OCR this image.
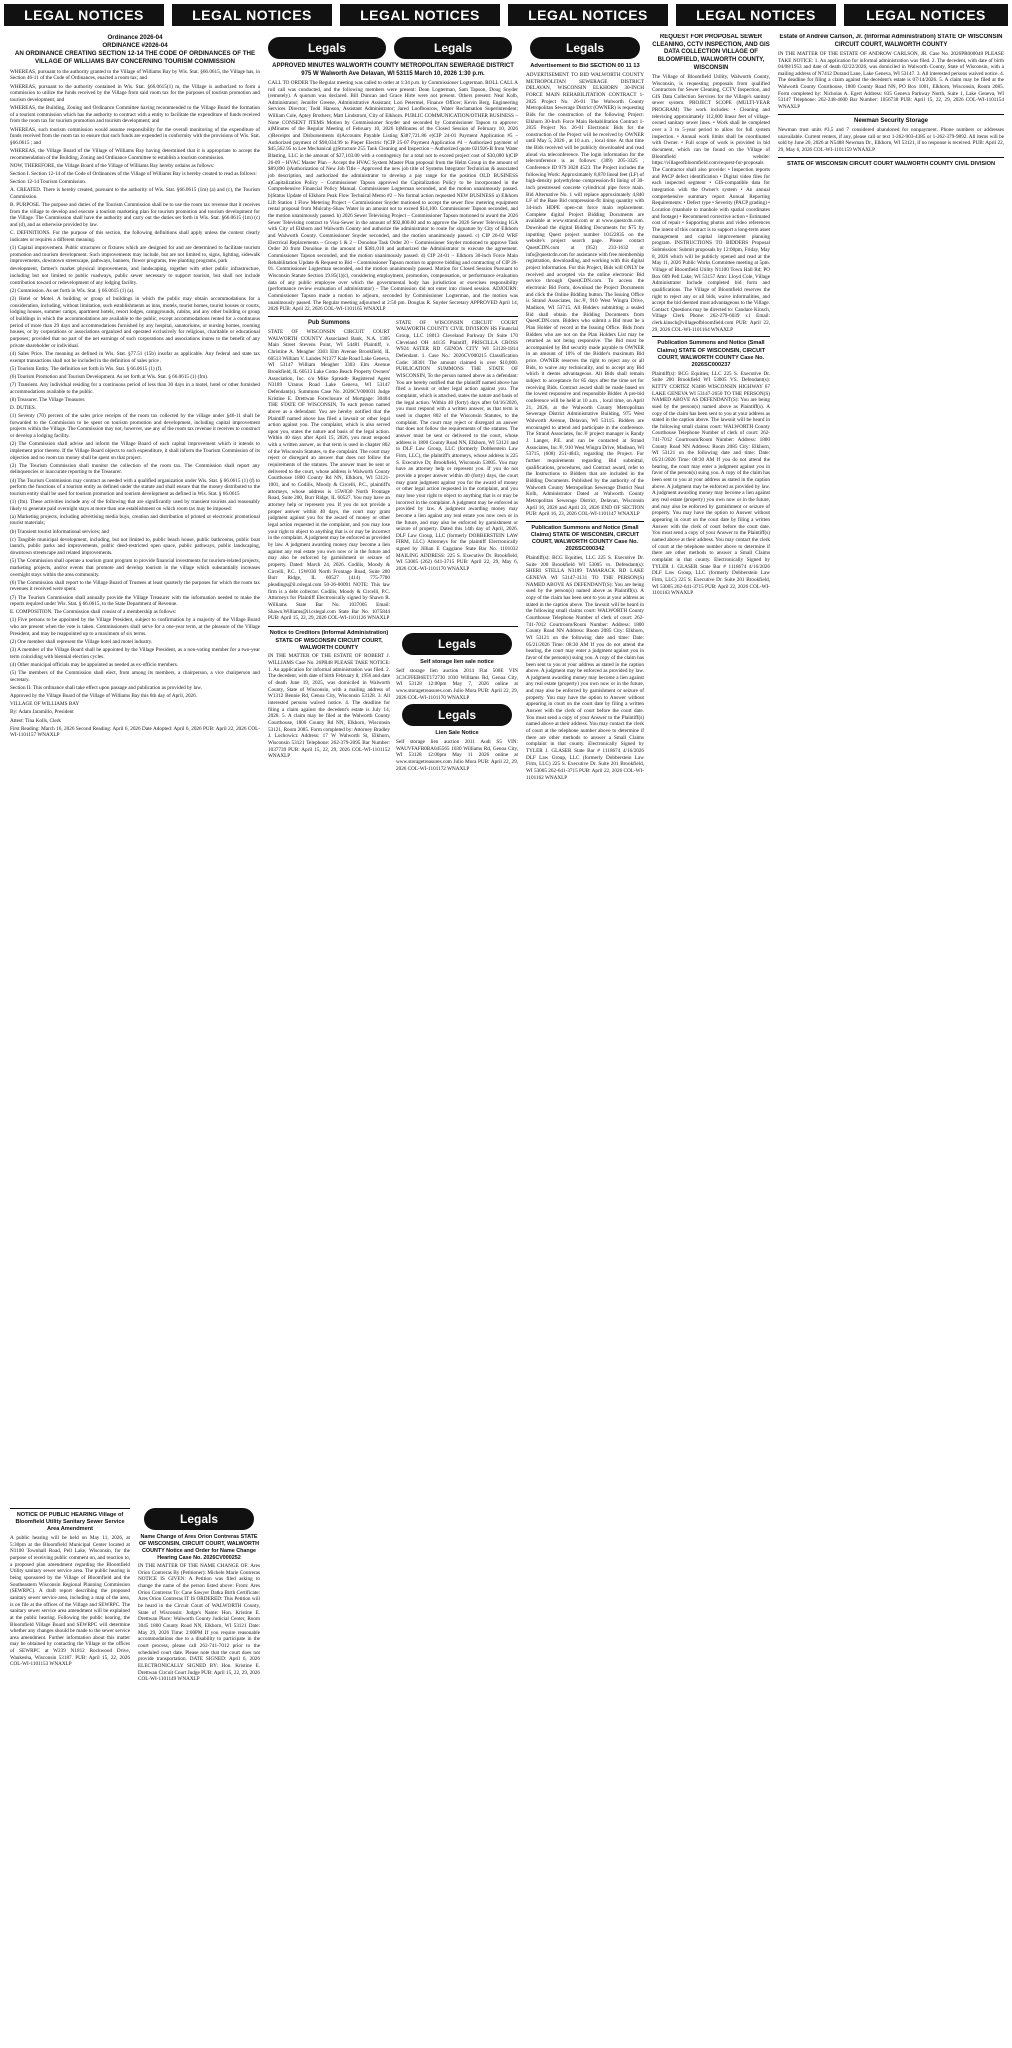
LEGAL NOTICES	LEGAL NOTICES	LEGAL NOTICES	LEGAL NOTICES	LEGAL NOTICES	LEGAL NOTICES
Ordinance 2026-04
ORDINANCE #2026-04
AN ORDINANCE CREATING SECTION 12-14 THE CODE OF ORDINANCES OF THE VILLAGE OF WILLIAMS BAY CONCERNING TOURISM COMMISSION

WHEREAS, pursuant to the authority granted to the Village of Williams Bay by Wis. Stat. §66.0615, the Village has, in Section 46-11 of the Code of Ordinances, enacted a room tax; and

WHEREAS, pursuant to the authority contained in Wis. Stat. §66.0615(1) m, the Village is authorized to form a commission to utilize the funds received by the Village from said room tax for the purposes of tourism promotion and tourism development; and

WHEREAS, the Building, Zoning and Ordinance Committee having recommended to the Village Board the formation of a tourism commission which has the authority to contract with a entity to facilitate the expenditure of funds received from the room tax for tourism promotion and tourism development; and

WHEREAS, such tourism commission would assume responsibility for the overall monitoring of the expenditure of funds received from the room tax to ensure that such funds are expended in conformity with the provisions of Wis. Stat. §66.0615 ; and

WHEREAS, the Village Board of the Village of Williams Bay having determined that it is appropriate to accept the recommendation of the Building, Zoning and Ordinance Committee to establish a tourism commission.

NOW, THEREFORE, the Village Board of the Village of Williams Bay hereby ordains as follows:

Section I. Section 12-14 of the Code of Ordinances of the Village of Williams Bay is hereby created to read as follows:

Section 12-14 Tourism Commission.

A. CREATED. There is hereby created, pursuant to the authority of Wis. Stat. §66.0615 (1m) (a) and (c), the Tourism Commission.

B. PURPOSE. The purpose and duties of the Tourism Commission shall be to use the room tax revenue that it receives from the village to develop and execute a tourism marketing plan for tourism promotion and tourism development for the Village. The Commission shall have the authority and carry out the duties set forth in Wis. Stat. §66.0615 (1m) (c) and (d), and as otherwise provided by law.

C. DEFINITIONS. For the purpose of this section, the following definitions shall apply unless the context clearly indicates or requires a different meaning.

(1) Capital improvement. Public structures or fixtures which are designed for and are determined to facilitate tourism promotion and tourism development. Such improvements may include, but are not limited to, signs, lighting, sidewalk improvements, downtown streetscape, pathways, banners, flower programs, tree planting programs, park

development, farmer's market physical improvements, and landscaping, together with other public infrastructure, including but not limited to public roadways, public sewer necessary to support tourism, but shall not include contribution toward or redevelopment of any lodging facility.

(2) Commission. As set forth in Wis. Stat. § 66.0615 (1) (a).

(3) Hotel or Motel. A building or group of buildings in which the public may obtain accommodations for a consideration, including, without limitation, such establishments as inns, motels, tourist homes, tourist houses or courts, lodging houses, summer camps, apartment hotels, resort lodges, campgrounds, cabins, and any other building or group of buildings in which the accommodations are available to the public, except accommodations rented for a continuous period of more than 29 days and accommodations furnished by any hospital, sanatoriums, or nursing homes, rooming houses, or by corporations or associations organized and operated exclusively for religious, charitable or educational purposes; provided that no part of the net earnings of such corporations and associations inures to the benefit of any private shareholder or individual.

(4) Sales Price. The meaning as defined in Wis. Stat. §77.51 (15b) insofar as applicable. Any federal and state tax exempt transactions shall not be included in the definition of sales price .

(5) Tourism Entity. The definition set forth in Wis. Stat. § 66.0615 (1) (f).

(6) Tourism Promotion and Tourism Development. As set forth at Wis. Stat. § 66.0615 (1) (fm).

(7) Transient. Any individual residing for a continuous period of less than 30 days in a motel, hotel or other furnished accommodations available to the public.

(8) Treasurer. The Village Treasurer.

D. DUTIES.

(1) Seventy (70) percent of the sales price receipts of the room tax collected by the village under §46-11 shall be forwarded to the Commission to be spent on tourism promotion and development, including capital improvement projects within the Village. The Commission may not, however, use any of the room tax revenue it receives to construct or develop a lodging facility.

(2) The Commission shall advise and inform the Village Board of each capital improvement which it intends to implement prior thereto. If the Village Board objects to such expenditure, it shall inform the Tourism Commission of its objection and no room tax money shall be spent on that project.

(3) The Tourism Commission shall monitor the collection of the room tax. The Commission shall report any delinquencies or inaccurate reporting to the Treasurer.

(4) The Tourism Commission may contract as needed with a qualified organization under Wis. Stat. § 66.0615 (1) (f) to perform the functions of a tourism entity as defined under the statute and shall ensure that the money distributed to the tourism entity shall be used for tourism promotion and tourism development as defined in Wis. Stat. § 66.0615

(1) (fm). These activities include any of the following that are significantly used by transient tourists and reasonably likely to generate paid overnight stays at more than one establishment on which room tax may be imposed:

(a) Marketing projects, including advertising media buys, creation and distribution of printed or electronic promotional tourist materials;

(b) Transient tourist informational services; and

(c) Tangible municipal development, including, but not limited to, public beach house, public bathrooms, public boat launch, public parks and improvements, public deed-restricted open space, public pathways, public landscaping, downtown streetscape and related improvements.

(5) The Commission shall operate a tourism grant program to provide financial investments for tourism-related projects, marketing projects, and/or events that promote and develop tourism in the village which substantially increases overnight stays within the area community.

(6) The Commission shall report to the Village Board of Trustees at least quarterly the purposes for which the room tax revenues it received were spent.

(7) The Tourism Commission shall annually provide the Village Treasurer with the information needed to make the reports required under Wis. Stat. § 66.0615, to the State Department of Revenue.

E. COMPOSITION. The Commission shall consist of a membership as follows:

(1) Five persons to be appointed by the Village President, subject to confirmation by a majority of the Village Board who are present when the vote is taken. Commissioners shall serve for a one-year term, at the pleasure of the Village President, and may be reappointed up to a maximum of six terms.

(2) One member shall represent the Village hotel and motel industry.

(3) A member of the Village Board shall be appointed by the Village President, as a non-voting member for a two-year term coinciding with biennial election cycles.

(4) Other municipal officials may be appointed as needed as ex-officio members.

(5) The members of the Commission shall elect, from among its members, a chairperson, a vice chairperson and secretary.

Section II. This ordinance shall take effect upon passage and publication as provided by law.

Approved by the Village Board of the Village of Williams Bay this 6th day of April, 2026.

VILLAGE OF WILLIAMS BAY

By: Adam Jaramillo, President

Attest: Tina Kolls, Clerk

First Reading: March 16, 2026 Second Reading: April 6, 2026 Date Adopted: April 6, 2026 PUB: April 22, 2026 COL-WI-1101157 WNAXLP

NOTICE OF PUBLIC HEARING Village of Bloomfield Utility Sanitary Sewer Service Area Amendment

A public hearing will be held on May 11, 2026, at 5:30pm at the Bloomfield Municipal Center located at N1100 Townhall Road, Pell Lake, Wisconsin, for the purpose of receiving public comment on, and reaction to, a proposed plan amendment regarding the Bloomfield Utility sanitary sewer service area. The public hearing is being sponsored by the Village of Bloomfield and the Southeastern Wisconsin Regional Planning Commission (SEWRPC). A draft report describing the proposed sanitary sewer service area, including a map of the area, is on file at the offices of the Village and SEWRPC. The sanitary sewer service area amendment will be explained at the public hearing. Following the public hearing, the Bloomfield Village Board and SEWRPC will determine whether any changes should be made to the sewer service area amendment. Further information about this matter may be obtained by contacting the Village or the offices of SEWRPC at W239 N1812 Rockwood Drive, Waukesha, Wisconsin 53187. PUB: April 15, 22, 2026 COL-WI-1101153 WNAXLP

Legals

Name Change of Ares Orion Contreras STATE OF WISCONSIN, CIRCUIT COURT, WALWORTH COUNTY Notice and Order for Name Change Hearing Case No. 2026CV000252

IN THE MATTER OF THE NAME CHANGE OF: Ares Orion Contreras By (Petitioner): Michele Marie Contreras NOTICE IS GIVEN: A Petition was filed asking to change the name of the person listed above: From: Ares Orion Contreras To: Cane Sawyer Datka Birth Certificate: Ares Orion Contreras IT IS ORDERED: This Petition will be heard in the Circuit Court of WALWORTH County, State of Wisconsin: Judge's Name: Hon. Kristine E. Drettwan Place: Walworth County Judicial Center, Room 3045 1800 County Road NN, Elkhorn, WI 53121 Date: May 29, 2026 Time: 2:00PM If you require reasonable accommodations due to a disability to participate in the court process, please call 262-741-7012 prior to the scheduled court date. Please note that the court does not provide transportation. DATE SIGNED: April 6, 2026 ELECTRONICALLY SIGNED BY: Hon. Kristine E. Drettwan Circuit Court Judge PUB: April 15, 22, 29, 2026 COL-WI-1101149 WNAXLP

Legals	Legals

APPROVED MINUTES WALWORTH COUNTY METROPOLITAN SEWERAGE DISTRICT 975 W Walworth Ave Delavan, WI 53115 March 10, 2026 1:30 p.m.

CALL TO ORDER The Regular meeting was called to order at 1:34 p.m. by Commissioner Logterman. ROLL CALL A roll call was conducted, and the following members were present: Dean Logterman, Sam Tapson, Doug Snyder (remotely). A quorum was declared. Bill Duncan and Grace Hirte were not present. Others present: Neal Kolb, Administrator; Jennifer Greene, Administrative Assistant; Lori Petermel, Finance Officer; Kevin Berg, Engineering Services Director; Todd Hanson, Assistant Administrator; Jared Loofbourow, Water Reclamation Superintendent; William Cole, Aptey Brothers; Matt Lindstrom, City of Elkhorn. PUBLIC COMMUNICATION/OTHER BUSINESS – None CONSENT ITEMS Motion by Commissioner Snyder and seconded by Commissioner Tapson to approve: a)Minutes of the Regular Meeting of February 10, 2026 b)Minutes of the Closed Session of February 10, 2026 c)Receipts and Disbursements d)Accounts Payable Listing $387,721.86 e)CIP 24-01 Payment Application #5 – Authorized payment of $98,034.99 to Pieper Electric f)CIP 25-07 Payment Application #4 – Authorized payment of $45,562.95 to Lee Mechanical g)Structure 255 Tank Cleaning and Inspection – Authorized quote 021926-B from Water Blasting, LLC in the amount of $27,103.00 with a contingency for a total not to exceed project cost of $30,000 h)CIP 26-09 – HVAC Master Plan – Accept the HVAC System Master Plan proposal from the Helm Group in the amount of $89,890 i)Authorization of New Job Title – Approved the new job title of Systems Integrator Technician & associated job description, and authorized the administrator to develop a pay range for the position OLD BUSINESS a)Capitalization Policy – Commissioner Tapson approved the Capitalization Policy to be incorporated in the Comprehensive Financial Policy Manual. Commissioner Logterman seconded, and the motion unanimously passed. b)Status Update of Elkhorn Peak Flow Technical Memo #2 – No formal action requested NEW BUSINESS a) Elkhorn Lift Station 1 Flow Metering Project – Commissioner Snyder motioned to accept the sewer flow metering equipment rental proposal from Mulcahy-Shaw Water in an amount not to exceed $14,100. Commissioner Tapson seconded, and the motion unanimously passed. b) 2026 Sewer Televising Project – Commissioner Tapson motioned to award the 2026 Sewer Televising contract to Visu-Sewer in the amount of $92,800.00 and to approve the 2026 Sewer Televising IGA with City of Elkhorn and Walworth County and authorize the administrator to route for signature by City of Elkhorn and Walworth County. Commissioner Snyder seconded, and the motion unanimously passed. c) CIP 26-02 WRF Electrical Replacements – Group 1 & 2 – Donohue Task Order 20 – Commissioner Snyder motioned to approve Task Order 20 from Donohue in the amount of $381,010 and authorized the Administrator to execute the agreement. Commissioner Tapson seconded, and the motion unanimously passed. d) CIP 24-01 – Elkhorn 30-inch Force Main Rehabilitation Update & Request to Bid – Commissioner Tapson motion to approve bidding and contracting of CIP 26-01. Commissioner Logterman seconded, and the motion unanimously passed. Motion for Closed Session Pursuant to Wisconsin Statute Section 19.85(1)(c), considering employment, promotion, compensation, or performance evaluation data of any public employee over which the governmental body has jurisdiction or exercises responsibility (performance review evaluation of administrator) – The Commission did not enter into closed session. ADJOURN: Commissioner Tapson made a motion to adjourn, seconded by Commissioner Logterman, and the motion was unanimously passed. The Regular meeting adjourned at 2:50 pm. Douglas R. Snyder Secretary APPROVED April 14, 2026 PUB: April 22, 2026 COL-WI-1101165 WNAXLP

Pub Summons

STATE OF WISCONSIN CIRCUIT COURT WALWORTH COUNTY Associated Bank, N.A. 1305 Main Street Stevens Point, WI 54481 Plaintiff, v. Christine A. Meagher 3303 Elm Avenue Brookfield, IL 60513 William V. Landes N1377 Kale Road Lake Geneva, WI 53147 William Meagher 3303 Elm Avenue Brookfield, IL 60513 Lake Como Beach Property Owners' Association, Inc. c/o Mike Spreadt- Registered Agent N3189 Uranus Road Lake Geneva, WI 53147 Defendant(s). Summons Case No. 2026CV000031 Judge Kristine E. Drettwan Foreclosure of Mortgage: 30404 THE STATE OF WISCONSIN, To each person named above as a defendant: You are hereby notified that the Plaintiff named above has filed a lawsuit or other legal action against you. The complaint, which is also served upon you, states the nature and basis of the legal action. Within 40 days after April 15, 2026, you must respond with a written answer, as that term is used in chapter 802 of the Wisconsin Statutes, to the complaint. The court may reject or disregard an answer that does not follow the requirements of the statutes. The answer must be sent or delivered to the court, whose address is Walworth County Courthouse 1800 County Rd NN, Elkhorn, WI 53121-1001, and to Codilis, Moody & Circelli, P.C., plaintiff's attorneys, whose address is 15W030 North Frontage Road, Suite 200, Burr Ridge, IL 60527. You may have an attorney help or represent you. If you do not provide a proper answer within 40 days, the court may grant judgment against you for the award of money or other legal action requested in the complaint, and you may lose your right to object to anything that is or may be incorrect in the complaint. A judgment may be enforced as provided by law. A judgment awarding money may become a lien against any real estate you own now or in the future and may also be enforced by garnishment or seizure of property. Dated: March 24, 2026. Codilis, Moody & Circelli, P.C. 15W030 North Frontage Road, Suite 200 Burr Ridge, IL 60527 (414) 775-7700 pleadings@il.cslegal.com 50-26-00091 NOTE: This law firm is a debt collector. Codilis, Moody & Circelli, P.C. Attorneys for Plaintiff Electronically signed by Shawn R. Williams State Bar No. 1037005 Email: Shawn.Williams@il.cslegal.com State Bar No. 1075844 PUB: April 15, 22, 29, 2026 COL-WI-1101126 WNAXLP

STATE OF WISCONSIN CIRCUIT COURT WALWORTH COUNTY CIVIL DIVISION HS Financial Group, LLC 18013 Cleveland Parkway Dr Suite 170 Cleveland OH 44135 Plaintiff, PRISCILLA CROSS W924 ASTER RD GENOA CITY WI 53128-1814 Defendant. 1. Case No.: 2026CV000215 Classification Code: 30301 The amount claimed is over $10,000. PUBLICATION SUMMONS THE STATE OF WISCONSIN, To the person named above as a defendant: You are hereby notified that the plaintiff named above has filed a lawsuit or other legal action against you. The complaint, which is attached, states the nature and basis of the legal action. Within 40 (forty) days after 04/16/2026, you must respond with a written answer, as that term is used in chapter 802 of the Wisconsin Statutes, to the complaint. The court may reject or disregard an answer that does not follow the requirements of the statutes. The answer must be sent or delivered to the court, whose address is 1800 County Road NN, Elkhorn, WI 53121 and to DLF Law Group, LLC (formerly Dobberstein Law Firm, LLC), the plaintiff's attorneys, whose address is 225 S. Executive Dr, Brookfield, Wisconsin 53005. You may have an attorney help or represent you. If you do not provide a proper answer within 40 (forty) days, the court may grant judgment against you for the award of money or other legal action requested in the complaint, and you may lose your right to object to anything that is or may be incorrect in the complaint. A judgment may be enforced as provided by law. A judgment awarding money may become a lien against any real estate you now own or in the future, and may also be enforced by garnishment or seizure of property. Dated this 14th day of April, 2026. DLF Law Group, LLC (formerly DOBBERSTEIN LAW FIRM, LLC) Attorneys for the plaintiff Electronically signed by Jillian E Caggiano State Bar No. 1101032 MAILING ADDRESS: 225 S. Executive Dr. Brookfield, WI 53005 (262) 641-3715 PUB: April 22, 29, May 6, 2026 COL-WI-1101170 WNAXLP

Notice to Creditors (Informal Administration) STATE OF WISCONSIN CIRCUIT COURT, WALWORTH COUNTY

IN THE MATTER OF THE ESTATE OF ROBERT J. WILLIAMS Case No. 26PR48 PLEASE TAKE NOTICE: 1. An application for informal administration was filed. 2. The decedent, with date of birth February 8, 1956 and date of death June 19, 2025, was domiciled in Walworth County, State of Wisconsin, with a mailing address of W1312 Bennie Rd, Genoa City, Wisconsin 53128. 3. All interested persons waived notice. 4. The deadline for filing a claim against the decedent's estate is July 14, 2026. 5. A claim may be filed at the Walworth County Courthouse, 1800 County Rd NN, Elkhorn, Wisconsin 53121, Room 2085. Form completed by: Attorney Bradley J. Lochowicz Address: 17 W Walworth St, Elkhorn, Wisconsin 53121 Telephone: 262-379-2095 Bar Number: 1037739 PUB: April 15, 22, 29, 2026 COL-WI-1101152 WNAXLP

Legals

Self storage lien sale notice

Self storage lien auction 2014 Flat 500E VIN 3C3CFFEB6ET172730 1030 Williams Rd, Genoa City, WI 53128 12:00pm May 7, 2026 online at www.storagetreasures.com Julio Mora PUB: April 22, 29, 2026 COL-WI-1101170 WNAXLP

Legals

Lien Sale Notice

Self storage lien auction 2011 Audi S5 VIN: WAUVFAFR0BA045565 1030 Williams Rd, Genoa City, WI 53128 12:00pm May 11 2026 online at www.storagetreasures.com Julio Mora PUB: April 22, 29, 2026 COL-WI-1101172 WNAXLP

Legals

Advertisement to Bid SECTION 00 11 13

ADVERTISEMENT TO BID WALWORTH COUNTY METROPOLITAN SEWERAGE DISTRICT DELAVAN, WISCONSIN ELKHORN 30-INCH FORCE MAIN REHABILITATION CONTRACT 1-2025 Project No. 26-01 The Walworth County Metropolitan Sewerage District (OWNER) is requesting Bids for the construction of the following Project: Elkhorn 30-Inch Force Main Rehabilitation Contract 1-2025 Project No. 26-01 Electronic Bids for the construction of the Project will be received by OWNER until May 5, 2026 , at 10 a.m. , local time. At that time the Bids received will be publicly downloaded and read aloud via teleconference. The login information for the teleconference is as follows: (309) 205-3325 , Conference ID 979 3028 4523. The Project includes the following Work: Approximately 8,870 lineal feet (LF) of high-density polyethylene compression-fit lining of 30-inch prestressed concrete cylindrical pipe force main. Bid Alternative No. 1 will replace approximately 4,840 LF of the Base Bid compression-fit lining quantity with 34-inch HDPE open-cut force main replacement. Complete digital Project Bidding Documents are available at www.strand.com or at www.questcdn.com. Download the digital Bidding Documents for $75 by inputting Quest project number 10122835 on the website's project search page. Please contact QuestCDN.com at (952) 233-1632 or info@questcdn.com for assistance with free membership registration, downloading, and working with this digital project information. For this Project, Bids will ONLY be received and accepted via the online electronic Bid service through QuestCDN.com. To access the electronic Bid Form, download the Project Documents and click the Online Bidding button. The Issuing Office is Strand Associates, Inc.®, 910 West Wingra Drive, Madison, WI 53715. All Bidders submitting a sealed Bid shall obtain the Bidding Documents from QuestCDN.com. Bidders who submit a Bid must be a Plan Holder of record at the Issuing Office. Bids from Bidders who are not on the Plan Holders List may be returned as not being responsive. The Bid must be accompanied by Bid security made payable to OWNER in an amount of 10% of the Bidder's maximum Bid price. OWNER reserves the right to reject any or all Bids, to waive any technicality, and to accept any Bid which it deems advantageous. All Bids shall remain subject to acceptance for 85 days after the time set for receiving Bids. Contract award shall be made based on the lowest responsive and responsible Bidder. A pre-bid conference will be held at 10 a.m. , local time, on April 21, 2026, at the Walworth County Metropolitan Sewerage District Administrative Building, 975 West Walworth Avenue, Delavan, WI 53115. Bidders are encouraged to attend and participate in the conference. The Strand Associates, Inc.® project manager is Randy J. Langer, P.E. and can be contacted at Strand Associates, Inc.®, 910 West Wingra Drive, Madison, WI 53715, (608) 251-4843, regarding the Project. For further requirements regarding Bid submittal, qualifications, procedures, and Contract award, refer to the Instructions to Bidders that are included in the Bidding Documents. Published by the authority of the Walworth County Metropolitan Sewerage District Neal Kolb, Administrator Dated at Walworth County Metropolitan Sewerage District, Delavan, Wisconsin April 16, 2026 and April 23, 2026 END OF SECTION PUB: April 16, 23, 2026 COL-WI-1101147 WNAXLP

Publication Summons and Notice (Small Claims) STATE OF WISCONSIN, CIRCUIT COURT, WALWORTH COUNTY Case No. 2026SC000342

Plaintiff(s): BCG Equities, LLC 225 S. Executive Dr. Suite 200 Brookfield WI 53005 vs. Defendant(s): SHERI STELLA N3189 TAMARACK RD LAKE GENEVA WI 53147-3131 TO THE PERSON(S) NAMED ABOVE AS DEFENDANT(S): You are being sued by the person(s) named above as Plaintiff(s). A copy of the claim has been sent to you at your address as stated in the caption above. The lawsuit will be heard in the following small claims court: WALWORTH County Courthouse Telephone Number of clerk of court: 262-741-7012 Courtroom/Room Number: Address: 1800 County Road NN Address: Room 2085 City: Elkhorn, WI 53121 on the following date and time: Date: 05/21/2026 Time: 08:30 AM If you do not attend the hearing, the court may enter a judgment against you in favor of the person(s) suing you. A copy of the claim has been sent to you at your address as stated in the caption above. A judgment may be enforced as provided by law. A judgment awarding money may become a lien against any real estate (property) you own now or in the future, and may also be enforced by garnishment or seizure of property. You may have the option to Answer without appearing in court on the court date by filing a written Answer with the clerk of court before the court date. You must send a copy of your Answer to the Plaintiff(s) named above at their address. You may contact the clerk of court at the telephone number above to determine if there are other methods to answer a Small Claims complaint in that county. Electronically Signed by TYLER J. GLASER State Bar # 1118674 4/16/2026 DLF Law Group, LLC (formerly Dobberstein Law Firm, LLC) 225 S. Executive Dr. Suite 201 Brookfield, WI 53005 262-641-3715 PUB: April 22, 2026 COL-WI-1101162 WNAXLP

REQUEST FOR PROPOSAL SEWER CLEANING, CCTV INSPECTION, AND GIS DATA COLLECTION VILLAGE OF BLOOMFIELD, WALWORTH COUNTY, WISCONSIN

The Village of Bloomfield Utility, Walworth County, Wisconsin, is requesting proposals from qualified Contractors for Sewer Cleaning, CCTV Inspection, and GIS Data Collection Services for the Village's sanitary sewer system. PROJECT SCOPE (MULTI-YEAR PROGRAM) The work includes: • Cleaning and televising approximately 112,000 linear feet of village-owned sanitary sewer lines. • Work shall be completed over a 3 to 5-year period to allow for full system inspection. • Annual work limits shall be coordinated with Owner. • Full scope of work is provided in bid document, which can be found on the Village of Bloomfield website: https://villageofbloomfield.com/request-for-proposals The Contractor shall also provide: • Inspection reports and PACP defect identification • Digital video files for each inspected segment • GIS-compatible data for integration with the Owner's system • An annual comprehensive summary report Annual Reporting Requirements: • Defect type • Severity (PACP grading) • Location (manhole to manhole with spatial coordinates and footage) • Recommend corrective action • Estimated cost of repair • Supporting photos and video references The intent of this contract is to support a long-term asset management and capital improvement planning program. INSTRUCTIONS TO BIDDERS Proposal Submission: Submit proposals by 12:00pm, Friday, May 8, 2026 which will be publicly opened and read at the May 11, 2026 Public Works Committee meeting at 5pm. Village of Bloomfield Utility N1100 Town Hall Rd; PO Box 609 Pell Lake, WI 53157 Attn: Lloyd Cole, Village Administrator Include completed bid form and qualifications. The Village of Bloomfield reserves the right to reject any or all bids, waive informalities, and accept the bid deemed most advantageous to the Village. Contact: Questions may be directed to: Candace Kinsch, Village Clerk Phone: 262-279-6039 x1 Email: clerk.kinsch@villageofbloomfield.com PUB: April 22, 29, 2026 COL-WI-1101164 WNAXLP

Publication Summons and Notice (Small Claims) STATE OF WISCONSIN, CIRCUIT COURT, WALWORTH COUNTY Case No. 2026SC000237

Plaintiff(s): BCG Equities, LLC 225 S. Executive Dr. Suite 200 Brookfield WI 53005 VS. Defendant(s): KITTY CORTEZ N3486 WISCONSIN HIGHWAY 67 LAKE GENEVA WI 53147-2650 TO THE PERSON(S) NAMED ABOVE AS DEFENDANT(S): You are being sued by the person(s) named above as Plaintiff(s). A copy of the claim has been sent to you at your address as stated in the caption above. The lawsuit will be heard in the following small claims court: WALWORTH County Courthouse Telephone Number of clerk of court: 262-741-7012 Courtroom/Room Number: Address: 1800 County Road NN Address: Room 2085 City: Elkhorn, WI 53121 on the following date and time: Date: 05/21/2026 Time: 08:30 AM If you do not attend the hearing, the court may enter a judgment against you in favor of the person(s) suing you. A copy of the claim has been sent to you at your address as stated in the caption above. A judgment may be enforced as provided by law. A judgment awarding money may become a lien against any real estate (property) you own now or in the future, and may also be enforced by garnishment or seizure of property. You may have the option to Answer without appearing in court on the court date by filing a written Answer with the clerk of court before the court date. You must send a copy of your Answer to the Plaintiff(s) named above at their address. You may contact the clerk of court at the telephone number above to determine if there are other methods to answer a Small Claims complaint in that county. Electronically Signed by TYLER J. GLASER State Bar # 1118674 4/16/2026 DLF Law Group, LLC (formerly Dobberstein Law Firm, LLC) 225 S. Executive Dr. Suite 201 Brookfield, WI 53005 262-641-3715 PUB: April 22, 2026 COL-WI-1101163 WNAXLP

Estate of Andrew Carlson, Jr. (Informal Administration) STATE OF WISCONSIN CIRCUIT COURT, WALWORTH COUNTY

IN THE MATTER OF THE ESTATE OF ANDROW CARLSON, JR. Case No. 2026PR000048 PLEASE TAKE NOTICE: 1. An application for informal administration was filed. 2. The decedent, with date of birth 04/08/1953 and date of death 02/22/2026, was domiciled in Walworth County, State of Wisconsin, with a mailing address of N7412 Durand Lane, Lake Geneva, WI 53147. 3. All interested persons waived notice. 4. The deadline for filing a claim against the decedent's estate is 07/14/2026. 5. A claim may be filed at the Walworth County Courthouse, 1800 County Road NN, PO Box 1001, Elkhorn, Wisconsin, Room 2085. Form completed by: Nicholas A. Egert Address: 835 Geneva Parkway North, Suite 1, Lake Geneva, WI 53147 Telephone: 262-248-4600 Bar Number: 1056738 PUB: April 15, 22, 29, 2026 COL-WI-1101154 WNAXLP

Newman Security Storage

Newman trust units #3,5 and 7 considered abandoned for nonpayment. Phone numbers or addresses unavailable. Current renters, if any, please call or text 1-262-903-4385 or 1-262-379-9892. All items will be sold by June 20, 2026 at N5488 Newman Dr., Elkhorn, WI 53121, if no response is received. PUB: April 22, 29, May 6, 2026 COL-WI-1101159 WNAXLP

STATE OF WISCONSIN CIRCUIT COURT WALWORTH COUNTY CIVIL DIVISION
